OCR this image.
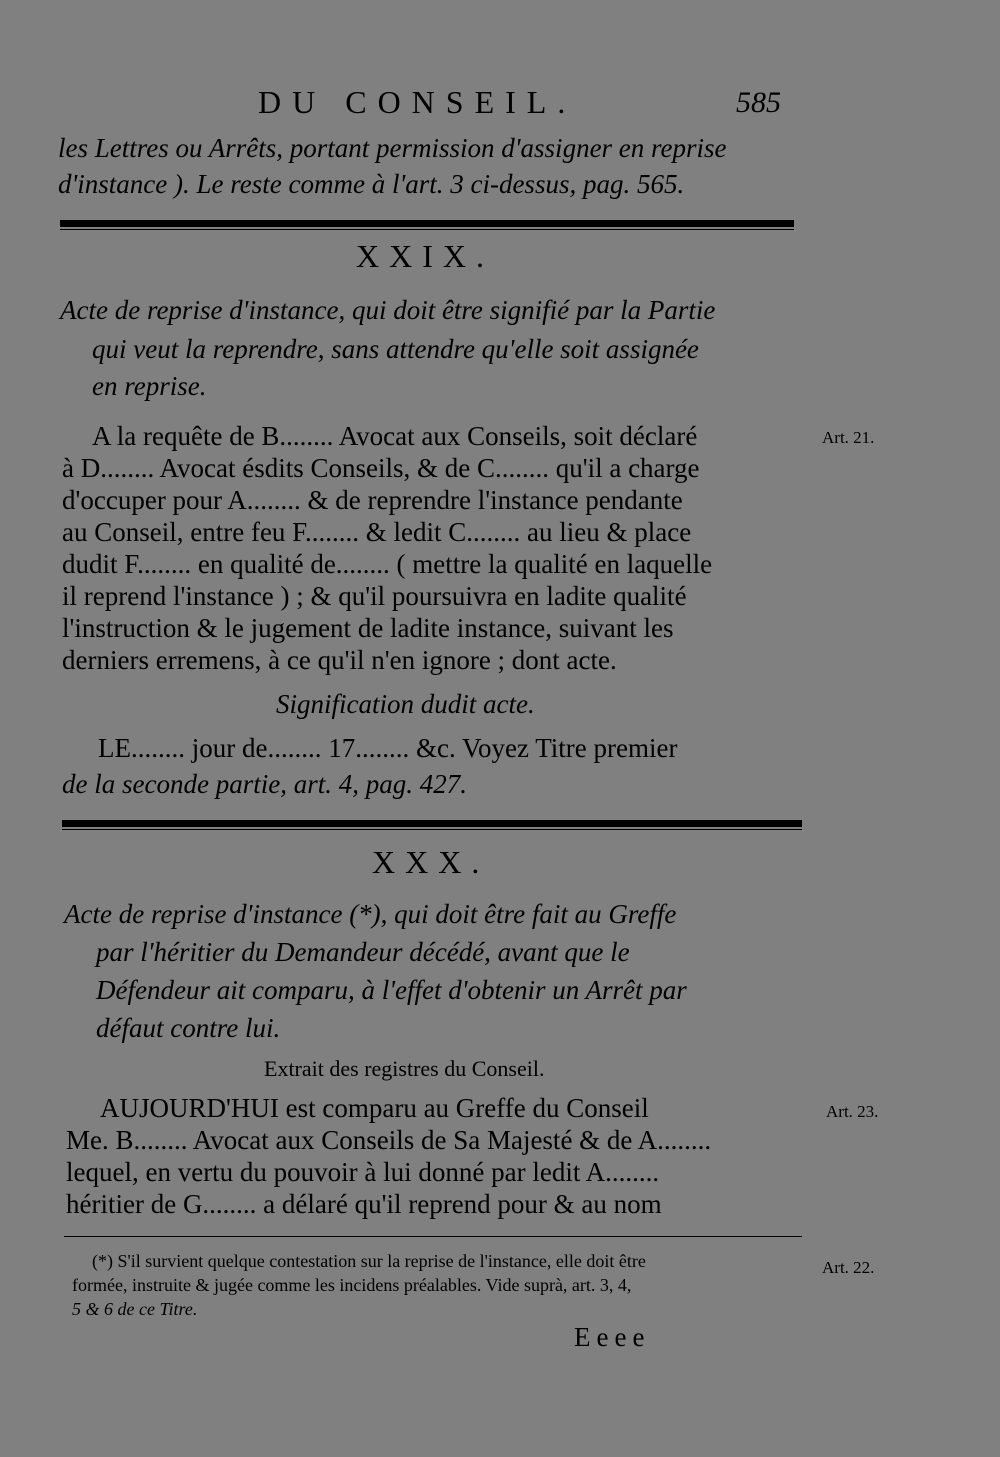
DU CONSEIL.	585

les Lettres ou Arrêts, portant permission d'assigner en reprise

d'instance ). Le reste comme à l'art. 3 ci-dessus, pag. 565.

XXIX.

Acte de reprise d'instance, qui doit être signifié par la Partie

qui veut la reprendre, sans attendre qu'elle soit assignée

en reprise.

Art. 21.

A la requête de B........ Avocat aux Conseils, soit déclaré

à D........ Avocat ésdits Conseils, & de C........ qu'il a charge

d'occuper pour A........ & de reprendre l'instance pendante

au Conseil, entre feu F........ & ledit C........ au lieu & place

dudit F........ en qualité de........ ( mettre la qualité en laquelle

il reprend l'instance ) ; & qu'il poursuivra en ladite qualité

l'instruction & le jugement de ladite instance, suivant les

derniers erremens, à ce qu'il n'en ignore ; dont acte.

Signification dudit acte.

LE........ jour de........ 17........ &c. Voyez Titre premier

de la seconde partie, art. 4, pag. 427.

XXX.

Acte de reprise d'instance (*), qui doit être fait au Greffe

par l'héritier du Demandeur décédé, avant que le

Défendeur ait comparu, à l'effet d'obtenir un Arrêt par

défaut contre lui.

Extrait des registres du Conseil.

Art. 23.

AUJOURD'HUI est comparu au Greffe du Conseil

Me. B........ Avocat aux Conseils de Sa Majesté & de A........

lequel, en vertu du pouvoir à lui donné par ledit A........

héritier de G........ a délaré qu'il reprend pour & au nom

(*) S'il survient quelque contestation sur la reprise de l'instance, elle doit être

formée, instruite & jugée comme les incidens préalables. Vide suprà, art. 3, 4,

5 & 6 de ce Titre.

Art. 22.

Eeee
